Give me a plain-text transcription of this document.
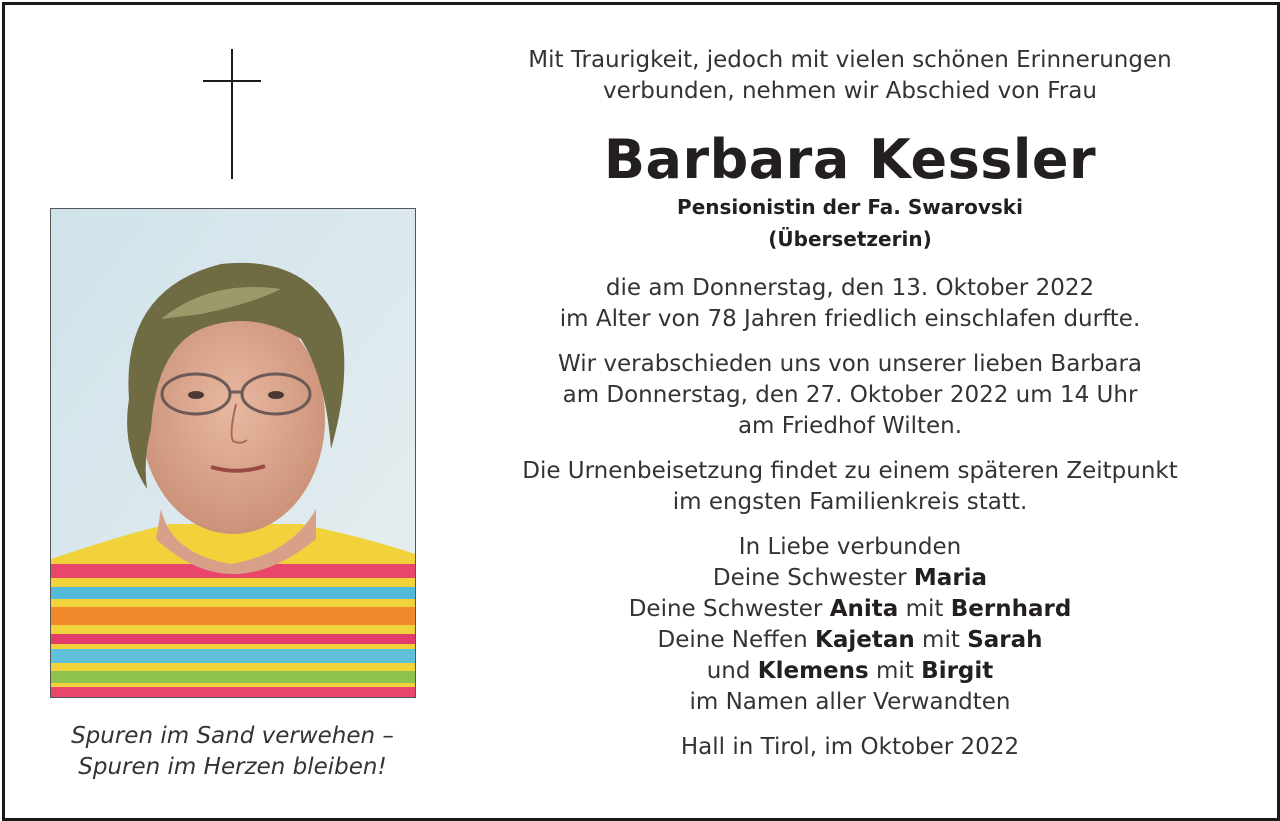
Spuren im Sand verwehen –
Spuren im Herzen bleiben!
Mit Traurigkeit, jedoch mit vielen schönen Erinnerungen
verbunden, nehmen wir Abschied von Frau
Barbara Kessler
Pensionistin der Fa. Swarovski
(Übersetzerin)
die am Donnerstag, den 13. Oktober 2022
im Alter von 78 Jahren friedlich einschlafen durfte.
Wir verabschieden uns von unserer lieben Barbara
am Donnerstag, den 27. Oktober 2022 um 14 Uhr
am Friedhof Wilten.
Die Urnenbeisetzung findet zu einem späteren Zeitpunkt
im engsten Familienkreis statt.
In Liebe verbunden
Deine Schwester Maria
Deine Schwester Anita mit Bernhard
Deine Neffen Kajetan mit Sarah
und Klemens mit Birgit
im Namen aller Verwandten
Hall in Tirol, im Oktober 2022
